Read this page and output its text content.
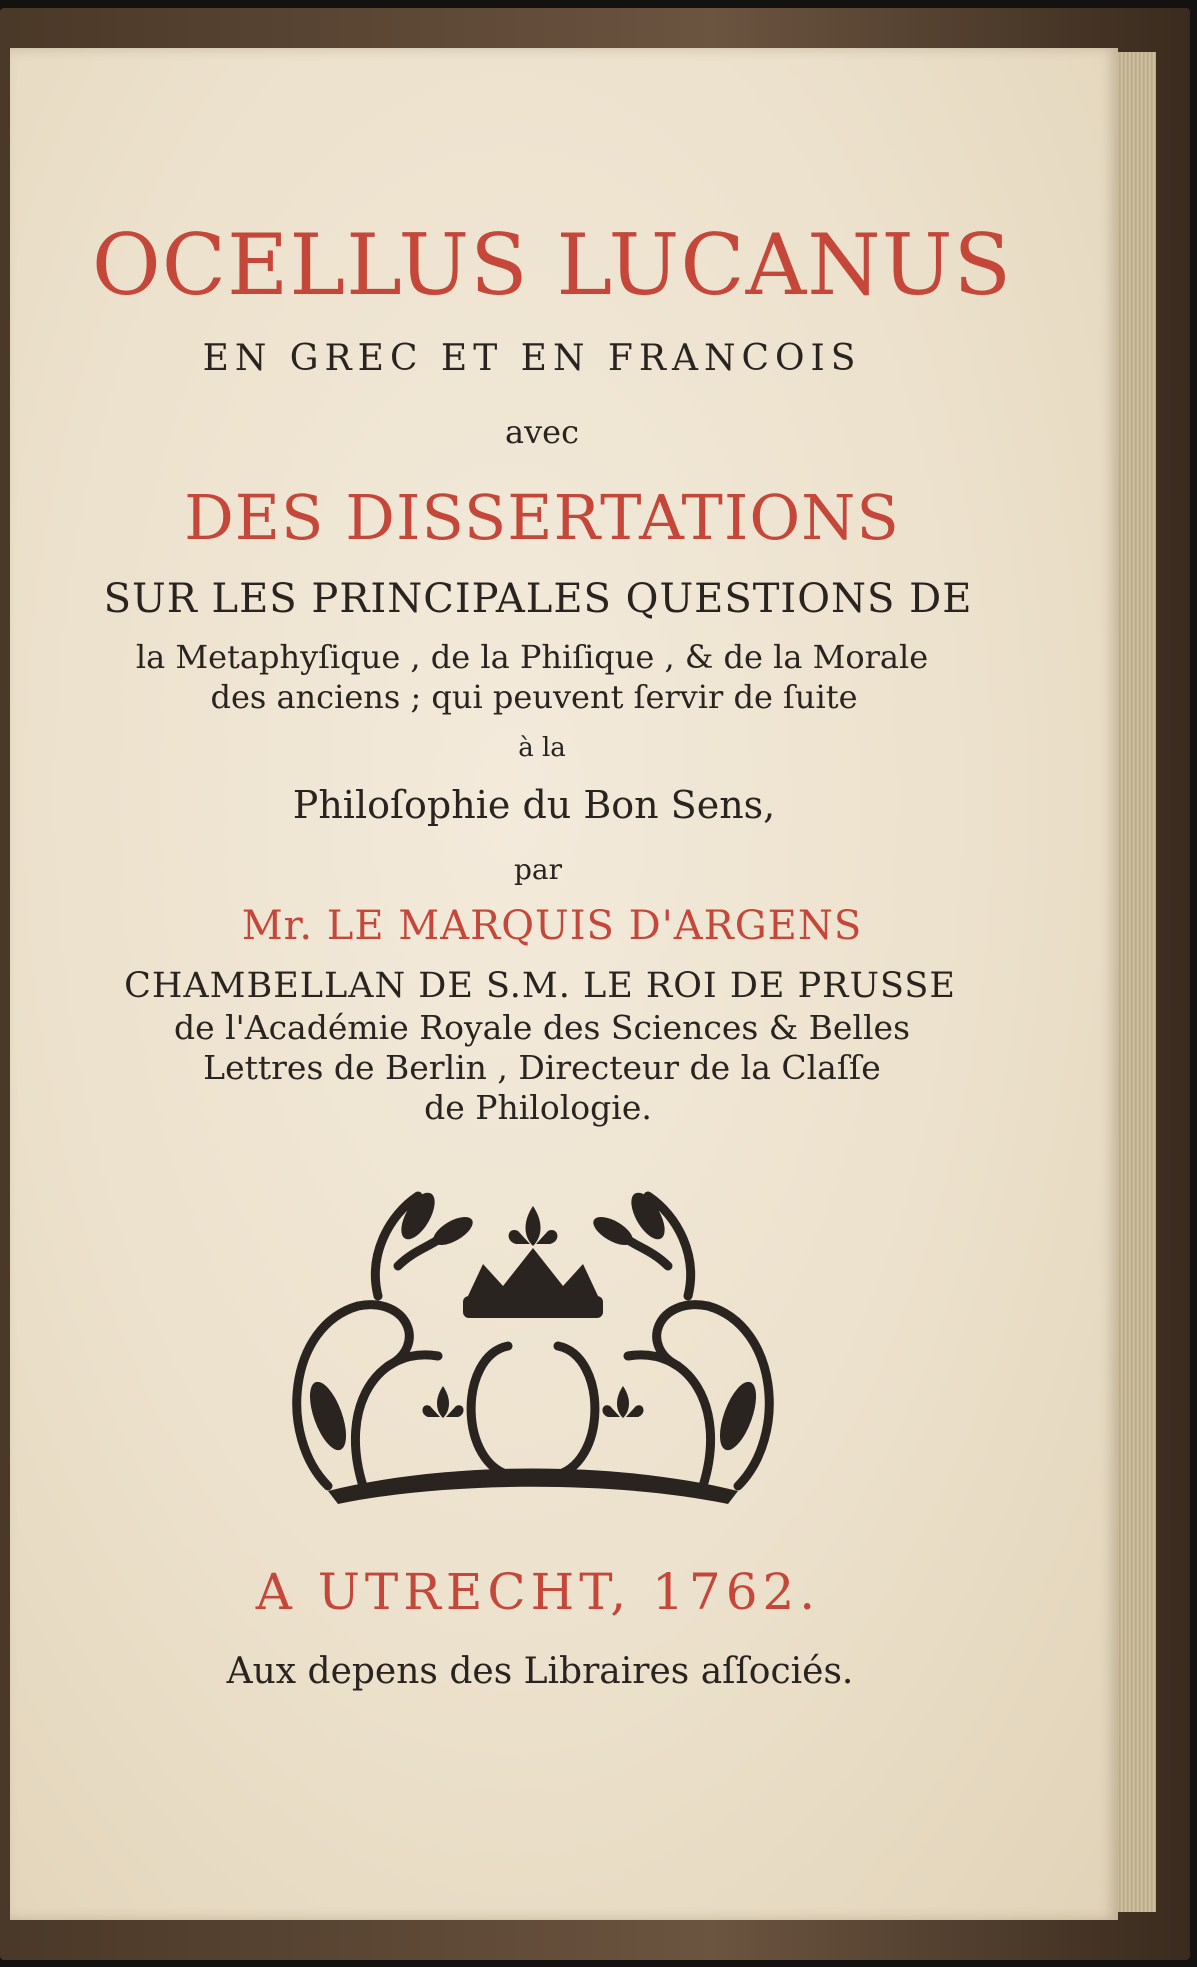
OCELLUS LUCANUS
EN GREC ET EN FRANCOIS
avec
DES DISSERTATIONS
SUR LES PRINCIPALES QUESTIONS DE
la Metaphyſique , de la Phiſique , & de la Morale
des anciens ; qui peuvent ſervir de ſuite
à la
Philoſophie du Bon Sens,
par
Mr. LE MARQUIS D'ARGENS
CHAMBELLAN DE S.M. LE ROI DE PRUSSE
de l'Académie Royale des Sciences & Belles
Lettres de Berlin , Directeur de la Claſſe
de Philologie.
A UTRECHT, 1762.
Aux depens des Libraires aſſociés.
